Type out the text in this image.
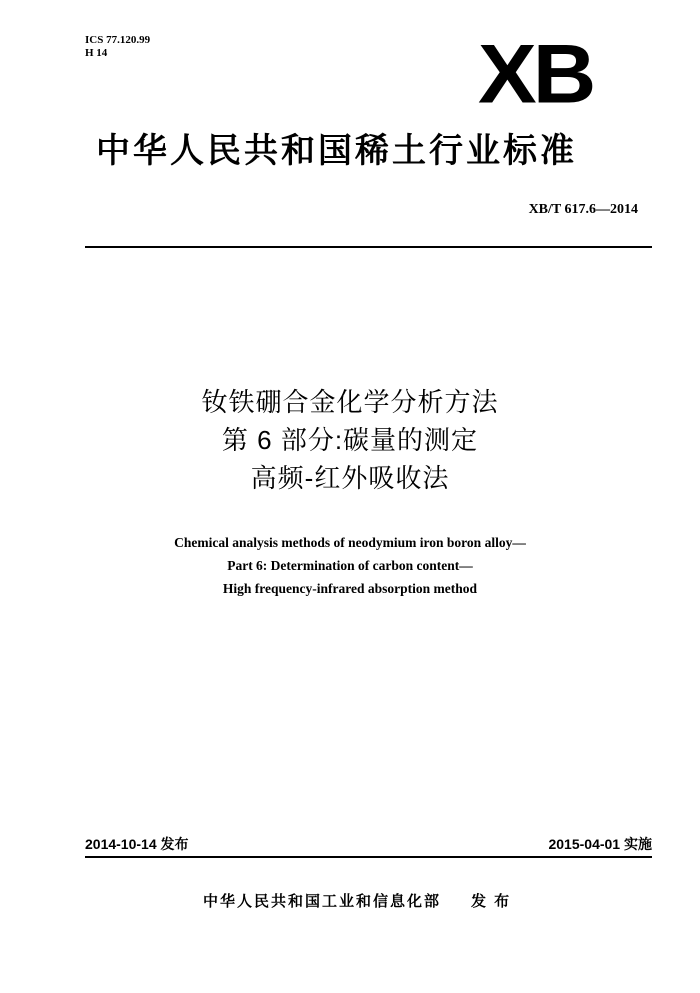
ICS 77.120.99
H 14	XB
中华人民共和国稀土行业标准
XB/T 617.6—2014
钕铁硼合金化学分析方法
第 6 部分:碳量的测定
高频-红外吸收法
Chemical analysis methods of neodymium iron boron alloy—
Part 6: Determination of carbon content—
High frequency-infrared absorption method
2014-10-14 发布	2015-04-01 实施
中华人民共和国工业和信息化部 发 布
